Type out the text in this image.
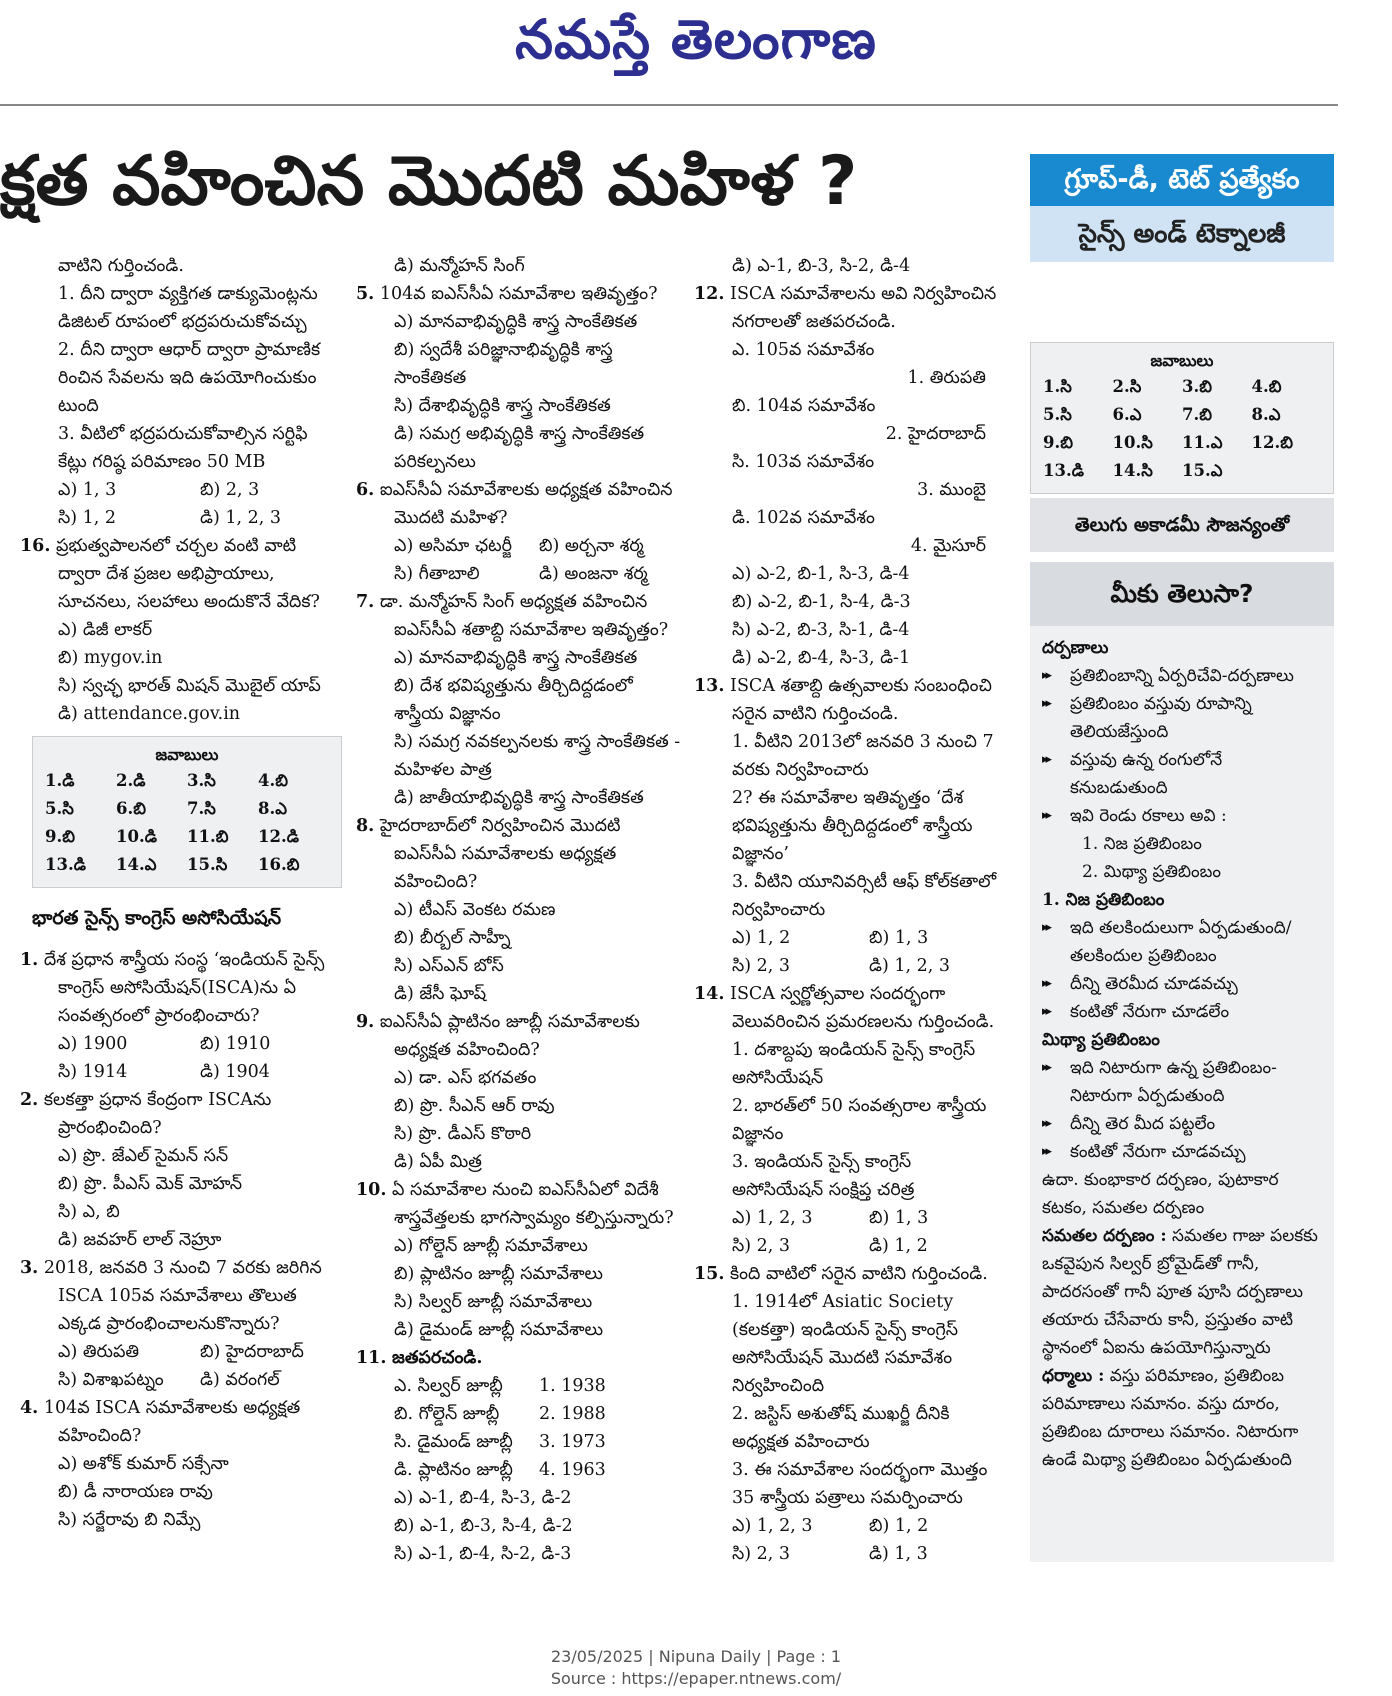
నమస్తే తెలంగాణ
క్షత వహించిన మొదటి మహిళ ?	గ్రూప్-డీ, టెట్ ప్రత్యేకం
సైన్స్ అండ్ టెక్నాలజీ

వాటిని గుర్తించండి.

1. దీని ద్వారా వ్యక్తిగత డాక్యుమెంట్లను

డిజిటల్ రూపంలో భద్రపరుచుకోవచ్చు

2. దీని ద్వారా ఆధార్ ద్వారా ప్రామాణిక

రించిన సేవలను ఇది ఉపయోగించుకుం

టుంది

3. వీటిలో భద్రపరుచుకోవాల్సిన సర్టిఫి

కేట్లు గరిష్ఠ పరిమాణం 50 MB

ఎ) 1, 3	బి) 2, 3

సి) 1, 2	డి) 1, 2, 3

16. ప్రభుత్వపాలనలో చర్చల వంటి వాటి ద్వారా దేశ ప్రజల అభిప్రాయాలు, సూచనలు, సలహాలు అందుకొనే వేదిక?

ఎ) డిజీ లాకర్

బి) mygov.in

సి) స్వచ్ఛ భారత్ మిషన్ మొబైల్ యాప్

డి) attendance.gov.in

జవాబులు
1.డి	2.డి	3.సి	4.బి
5.సి	6.బి	7.సి	8.ఎ
9.బి	10.డి	11.బి	12.డి
13.డి	14.ఎ	15.సి	16.బి
భారత సైన్స్ కాంగ్రెస్ అసోసియేషన్

1. దేశ ప్రధాన శాస్త్రీయ సంస్థ ‘ఇండియన్ సైన్స్ కాంగ్రెస్ అసోసియేషన్(ISCA)ను ఏ సంవత్సరంలో ప్రారంభించారు?

ఎ) 1900	బి) 1910

సి) 1914	డి) 1904

2. కలకత్తా ప్రధాన కేంద్రంగా ISCAను ప్రారంభించింది?

ఎ) ప్రొ. జేఎల్ సైమన్ సన్

బి) ప్రొ. పీఎస్ మెక్ మోహన్

సి) ఎ, బి

డి) జవహర్ లాల్ నెహ్రూ

3. 2018, జనవరి 3 నుంచి 7 వరకు జరిగిన ISCA 105వ సమావేశాలు తొలుత ఎక్కడ ప్రారంభించాలనుకొన్నారు?

ఎ) తిరుపతి	బి) హైదరాబాద్

సి) విశాఖపట్నం	డి) వరంగల్

4. 104వ ISCA సమావేశాలకు అధ్యక్షత వహించింది?

ఎ) అశోక్ కుమార్ సక్సేనా

బి) డీ నారాయణ రావు

సి) సర్జేరావు బి నిమ్సే

డి) మన్మోహన్ సింగ్

5. 104వ ఐఎస్‌సీఏ సమావేశాల ఇతివృత్తం?

ఎ) మానవాభివృద్ధికి శాస్త్ర సాంకేతికత

బి) స్వదేశీ పరిజ్ఞానాభివృద్ధికి శాస్త్ర సాంకేతికత

సి) దేశాభివృద్ధికి శాస్త్ర సాంకేతికత

డి) సమగ్ర అభివృద్ధికి శాస్త్ర సాంకేతికత పరికల్పనలు

6. ఐఎస్‌సీఏ సమావేశాలకు అధ్యక్షత వహించిన మొదటి మహిళ?

ఎ) అసిమా ఛటర్జీ	బి) అర్చనా శర్మ

సి) గీతాబాలి	డి) అంజనా శర్మ

7. డా. మన్మోహన్ సింగ్ అధ్యక్షత వహించిన ఐఎస్‌సీఏ శతాబ్ది సమావేశాల ఇతివృత్తం?

ఎ) మానవాభివృద్ధికి శాస్త్ర సాంకేతికత

బి) దేశ భవిష్యత్తును తీర్చిదిద్దడంలో శాస్త్రీయ విజ్ఞానం

సి) సమగ్ర నవకల్పనలకు శాస్త్ర సాంకేతికత - మహిళల పాత్ర

డి) జాతీయాభివృద్ధికి శాస్త్ర సాంకేతికత

8. హైదరాబాద్‌లో నిర్వహించిన మొదటి ఐఎస్‌సీఏ సమావేశాలకు అధ్యక్షత వహించింది?

ఎ) టీఎస్ వెంకట రమణ

బి) బీర్బల్ సాహ్నీ

సి) ఎస్ఎన్ బోస్

డి) జేసీ ఘోష్

9. ఐఎస్‌సీఏ ప్లాటినం జూబ్లీ సమావేశాలకు అధ్యక్షత వహించింది?

ఎ) డా. ఎస్ భగవతం

బి) ప్రొ. సీఎన్ ఆర్ రావు

సి) ప్రొ. డీఎస్ కొఠారి

డి) ఏపీ మిత్ర

10. ఏ సమావేశాల నుంచి ఐఎస్‌సీఏలో విదేశీ శాస్త్రవేత్తలకు భాగస్వామ్యం కల్పిస్తున్నారు?

ఎ) గోల్డెన్ జూబ్లీ సమావేశాలు

బి) ప్లాటినం జూబ్లీ సమావేశాలు

సి) సిల్వర్ జూబ్లీ సమావేశాలు

డి) డైమండ్ జూబ్లీ సమావేశాలు

11. జతపరచండి.

ఎ. సిల్వర్ జూబ్లీ	1. 1938

బి. గోల్డెన్ జూబ్లీ	2. 1988

సి. డైమండ్ జూబ్లీ	3. 1973

డి. ప్లాటినం జూబ్లీ	4. 1963

ఎ) ఎ-1, బి-4, సి-3, డి-2

బి) ఎ-1, బి-3, సి-4, డి-2

సి) ఎ-1, బి-4, సి-2, డి-3

డి) ఎ-1, బి-3, సి-2, డి-4

12. ISCA సమావేశాలను అవి నిర్వహించిన నగరాలతో జతపరచండి.

ఎ. 105వ సమావేశం

1. తిరుపతి

బి. 104వ సమావేశం

2. హైదరాబాద్

సి. 103వ సమావేశం

3. ముంబై

డి. 102వ సమావేశం

4. మైసూర్

ఎ) ఎ-2, బి-1, సి-3, డి-4

బి) ఎ-2, బి-1, సి-4, డి-3

సి) ఎ-2, బి-3, సి-1, డి-4

డి) ఎ-2, బి-4, సి-3, డి-1

13. ISCA శతాబ్ది ఉత్సవాలకు సంబంధించి సరైన వాటిని గుర్తించండి.

1. వీటిని 2013లో జనవరి 3 నుంచి 7 వరకు నిర్వహించారు

2? ఈ సమావేశాల ఇతివృత్తం ‘దేశ భవిష్యత్తును తీర్చిదిద్దడంలో శాస్త్రీయ విజ్ఞానం’

3. వీటిని యూనివర్సిటీ ఆఫ్ కోల్‌కతాలో నిర్వహించారు

ఎ) 1, 2	బి) 1, 3

సి) 2, 3	డి) 1, 2, 3

14. ISCA స్వర్ణోత్సవాల సందర్భంగా వెలువరించిన ప్రమరణలను గుర్తించండి.

1. దశాబ్దపు ఇండియన్ సైన్స్ కాంగ్రెస్ అసోసియేషన్

2. భారత్‌లో 50 సంవత్సరాల శాస్త్రీయ విజ్ఞానం

3. ఇండియన్ సైన్స్ కాంగ్రెస్ అసోసియేషన్ సంక్షిప్త చరిత్ర

ఎ) 1, 2, 3	బి) 1, 3

సి) 2, 3	డి) 1, 2

15. కింది వాటిలో సరైన వాటిని గుర్తించండి.

1. 1914లో Asiatic Society (కలకత్తా) ఇండియన్ సైన్స్ కాంగ్రెస్ అసోసియేషన్ మొదటి సమావేశం నిర్వహించింది

2. జస్టిస్ అశుతోష్ ముఖర్జీ దీనికి అధ్యక్షత వహించారు

3. ఈ సమావేశాల సందర్భంగా మొత్తం 35 శాస్త్రీయ పత్రాలు సమర్పించారు

ఎ) 1, 2, 3	బి) 1, 2

సి) 2, 3	డి) 1, 3

జవాబులు
1.సి	2.సి	3.బి	4.బి
5.సి	6.ఎ	7.బి	8.ఎ
9.బి	10.సి	11.ఎ	12.బి
13.డి	14.సి	15.ఎ
తెలుగు అకాడమీ సౌజన్యంతో
మీకు తెలుసా?

దర్పణాలు

▸▸ ప్రతిబింబాన్ని ఏర్పరిచేవి-దర్పణాలు

▸▸ ప్రతిబింబం వస్తువు రూపాన్ని తెలియజేస్తుంది

▸▸ వస్తువు ఉన్న రంగులోనే కనుబడుతుంది

▸▸ ఇవి రెండు రకాలు అవి :

1. నిజ ప్రతిబింబం

2. మిథ్యా ప్రతిబింబం

1. నిజ ప్రతిబింబం

▸▸ ఇది తలకిందులుగా ఏర్పడుతుంది/ తలకిందుల ప్రతిబింబం

▸▸ దీన్ని తెరమీద చూడవచ్చు

▸▸ కంటితో నేరుగా చూడలేం

మిథ్యా ప్రతిబింబం

▸▸ ఇది నిటారుగా ఉన్న ప్రతిబింబం- నిటారుగా ఏర్పడుతుంది

▸▸ దీన్ని తెర మీద పట్టలేం

▸▸ కంటితో నేరుగా చూడవచ్చు

ఉదా. కుంభాకార దర్పణం, పుటాకార కటకం, సమతల దర్పణం

సమతల దర్పణం : సమతల గాజు పలకకు ఒకవైపున సిల్వర్ బ్రోమైడ్‌తో గానీ, పాదరసంతో గానీ పూత పూసి దర్పణాలు తయారు చేసేవారు కానీ, ప్రస్తుతం వాటి స్థానంలో ఏఐను ఉపయోగిస్తున్నారు

ధర్మాలు : వస్తు పరిమాణం, ప్రతిబింబ పరిమాణాలు సమానం. వస్తు దూరం, ప్రతిబింబ దూరాలు సమానం. నిటారుగా ఉండే మిథ్యా ప్రతిబింబం ఏర్పడుతుంది

23/05/2025 | Nipuna Daily | Page : 1
Source : https://epaper.ntnews.com/
